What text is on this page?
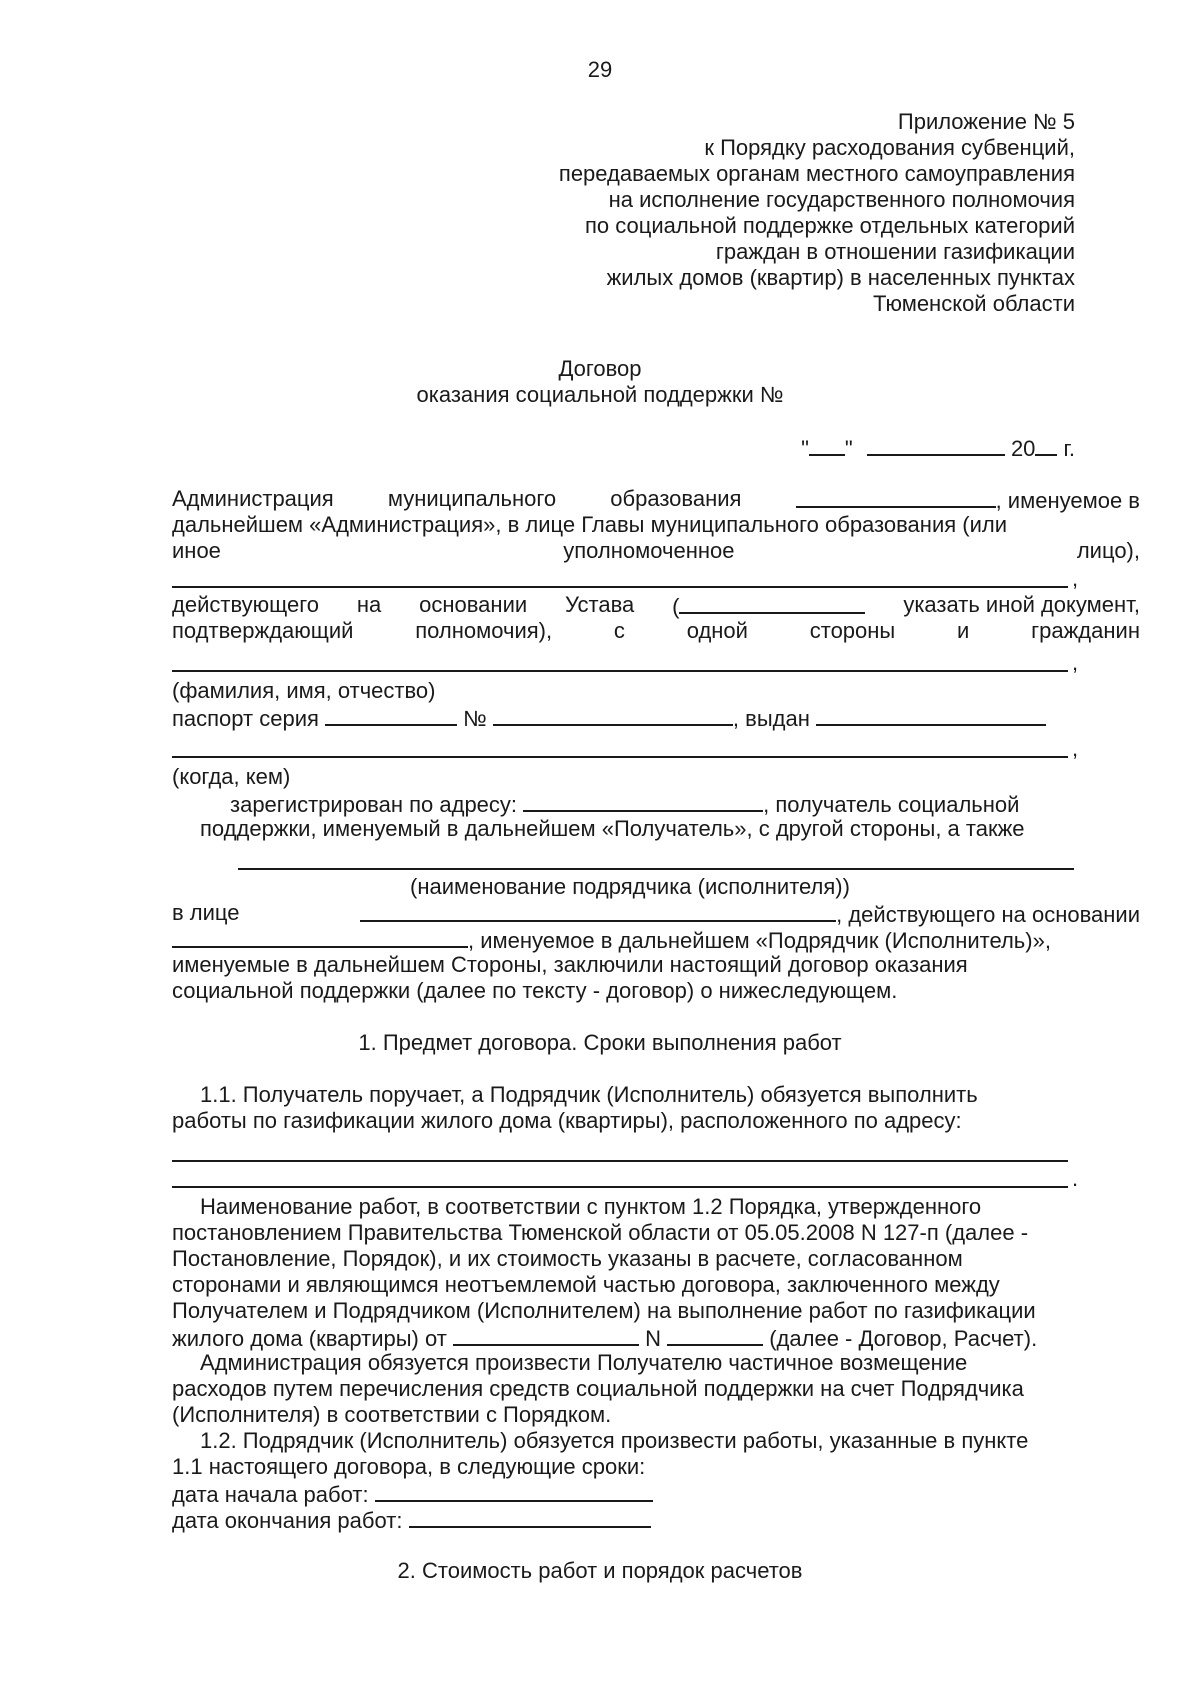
29
Приложение № 5
к Порядку расходования субвенций,
передаваемых органам местного самоуправления
на исполнение государственного полномочия
по социальной поддержке отдельных категорий
граждан в отношении газификации
жилых домов (квартир) в населенных пунктах
Тюменской области
Договор
оказания социальной поддержки №
" "	20 г.
Администрация муниципального образования	, именуемое в
дальнейшем «Администрация», в лице Главы муниципального образования (или
иное	уполномоченное	лицо),
,
действующего на основании Устава (	указать иной документ,
подтверждающий	полномочия),	с	одной	стороны	и	гражданин
,
(фамилия, имя, отчество)
паспорт серия	№	, выдан
,
(когда, кем)
зарегистрирован по адресу:	, получатель социальной
поддержки, именуемый в дальнейшем «Получатель», с другой стороны, а также
(наименование подрядчика (исполнителя))
в лице	, действующего на основании
, именуемое в дальнейшем «Подрядчик (Исполнитель)»,
именуемые в дальнейшем Стороны, заключили настоящий договор оказания
социальной поддержки (далее по тексту - договор) о нижеследующем.
1. Предмет договора. Сроки выполнения работ
1.1. Получатель поручает, а Подрядчик (Исполнитель) обязуется выполнить
работы по газификации жилого дома (квартиры), расположенного по адресу:
.
Наименование работ, в соответствии с пунктом 1.2 Порядка, утвержденного
постановлением Правительства Тюменской области от 05.05.2008 N 127-п (далее -
Постановление, Порядок), и их стоимость указаны в расчете, согласованном
сторонами и являющимся неотъемлемой частью договора, заключенного между
Получателем и Подрядчиком (Исполнителем) на выполнение работ по газификации
жилого дома (квартиры) от	N	(далее - Договор, Расчет).
Администрация обязуется произвести Получателю частичное возмещение
расходов путем перечисления средств социальной поддержки на счет Подрядчика
(Исполнителя) в соответствии с Порядком.
1.2. Подрядчик (Исполнитель) обязуется произвести работы, указанные в пункте
1.1 настоящего договора, в следующие сроки:
дата начала работ:
дата окончания работ:
2. Стоимость работ и порядок расчетов
